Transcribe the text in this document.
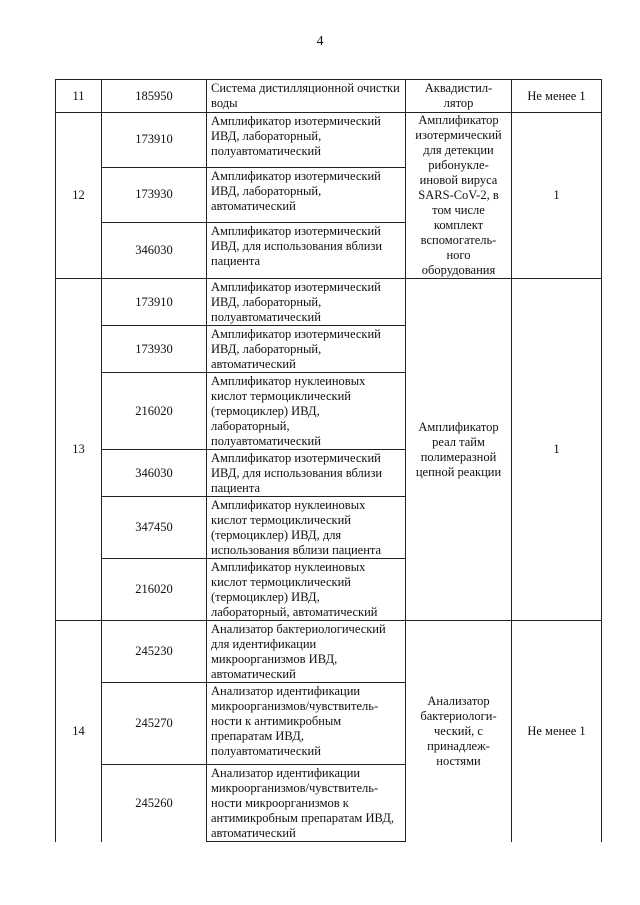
4
11	185950	Система дистилляционной очистки воды	Аквадистил-лятор	Не менее 1
12	173910	Амплификатор изотермический ИВД, лабораторный, полуавтоматический	Амплификатор изотермический для детекции рибонукле-иновой вируса SARS-CoV-2, в том числе комплект вспомогатель-ного оборудования	1
	173930	Амплификатор изотермический ИВД, лабораторный, автоматический		
	346030	Амплификатор изотермический ИВД, для использования вблизи пациента		
13	173910	Амплификатор изотермический ИВД, лабораторный, полуавтоматический	Амплификатор реал тайм полимеразной цепной реакции	1
	173930	Амплификатор изотермический ИВД, лабораторный, автоматический		
	216020	Амплификатор нуклеиновых кислот термоциклический (термоциклер) ИВД, лабораторный, полуавтоматический		
	346030	Амплификатор изотермический ИВД, для использования вблизи пациента		
	347450	Амплификатор нуклеиновых кислот термоциклический (термоциклер) ИВД, для использования вблизи пациента		
	216020	Амплификатор нуклеиновых кислот термоциклический (термоциклер) ИВД, лабораторный, автоматический		
14	245230	Анализатор бактериологический для идентификации микроорганизмов ИВД, автоматический	Анализатор бактериологи-ческий, с принадлеж-ностями	Не менее 1
	245270	Анализатор идентификации микроорганизмов/чувствитель-ности к антимикробным препаратам ИВД, полуавтоматический		
	245260	Анализатор идентификации микроорганизмов/чувствитель-ности микроорганизмов к антимикробным препаратам ИВД, автоматический		
